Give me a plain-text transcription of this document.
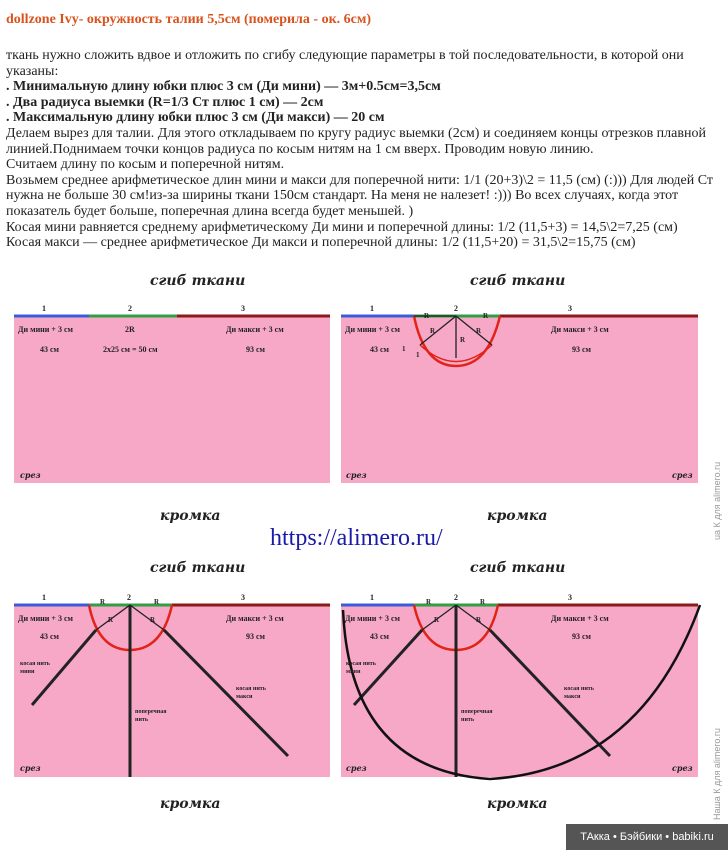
dollzone Ivy- окружность талии 5,5см (померила - ок. 6см)

ткань нужно сложить вдвое и отложить по сгибу следующие параметры в той последовательности, в которой они указаны:

. Минимальную длину юбки плюс 3 см (Ди мини) — 3м+0.5см=3,5см

. Два радиуса выемки (R=1/3 Ст плюс 1 см) — 2см

. Максимальную длину юбки плюс 3 см (Ди макси) — 20 см

Делаем вырез для талии. Для этого откладываем по кругу радиус выемки (2см) и соединяем концы отрезков плавной линией.Поднимаем точки концов радиуса по косым нитям на 1 см вверх. Проводим новую линию.

Считаем длину по косым и поперечной нитям.

Возьмем среднее арифметическое длин мини и макси для поперечной нити: 1/1 (20+3)\2 = 11,5 (см) (:))) Для людей Ст нужна не больше 30 см!из-за ширины ткани 150см стандарт. На меня не налезет! :))) Во всех случаях, когда этот показатель будет больше, поперечная длина всегда будет меньшей. )

Косая мини равняется среднему арифметическому Ди мини и поперечной длины: 1/2 (11,5+3) = 14,5\2=7,25 (см)

Косая макси — среднее арифметическое Ди макси и поперечной длины: 1/2 (11,5+20) = 31,5\2=15,75 (см)

сгиб ткани
1	2	3
Ди мини + 3 см
43 см
2R
2x25 см = 50 см
Ди макси + 3 см
93 см
срез
кромка
сгиб ткани
1	2	3
Ди мини + 3 см
43 см
Ди макси + 3 см
93 см
R	R
R	R
R
1
1
срез	срез
кромка
сгиб ткани
1	2	3
Ди мини + 3 см
43 см
Ди макси + 3 см
93 см
R	R
R	R
косая нить
мини
косая нить
макси
поперечная
нить
срез
кромка
сгиб ткани
1	2	3
Ди мини + 3 см
43 см
Ди макси + 3 см
93 см
R	R
R	R
косая нить
мини
косая нить
макси
поперечная
нить
срез	срез
кромка
https://alimero.ru/	ua К для alimero.ru
Наша К для alimero.ru
ТАкка • Бэйбики • babiki.ru
